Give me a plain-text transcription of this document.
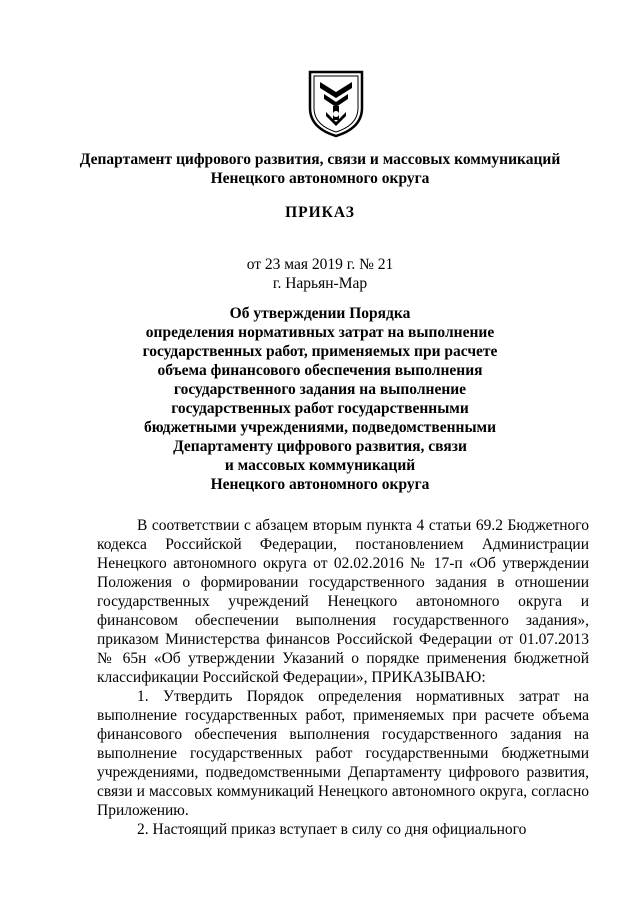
Департамент цифрового развития, связи и массовых коммуникаций
Ненецкого автономного округа
ПРИКАЗ
от 23 мая 2019 г. № 21
г. Нарьян-Мар
Об утверждении Порядка
определения нормативных затрат на выполнение
государственных работ, применяемых при расчете
объема финансового обеспечения выполнения
государственного задания на выполнение
государственных работ государственными
бюджетными учреждениями, подведомственными
Департаменту цифрового развития, связи
и массовых коммуникаций
Ненецкого автономного округа

В соответствии с абзацем вторым пункта 4 статьи 69.2 Бюджетного кодекса Российской Федерации, постановлением Администрации Ненецкого автономного округа от 02.02.2016 № 17-п «Об утверждении Положения о формировании государственного задания в отношении государственных учреждений Ненецкого автономного округа и финансовом обеспечении выполнения государственного задания», приказом Министерства финансов Российской Федерации от 01.07.2013 № 65н «Об утверждении Указаний о порядке применения бюджетной классификации Российской Федерации», ПРИКАЗЫВАЮ:

1. Утвердить Порядок определения нормативных затрат на выполнение государственных работ, применяемых при расчете объема финансового обеспечения выполнения государственного задания на выполнение государственных работ государственными бюджетными учреждениями, подведомственными Департаменту цифрового развития, связи и массовых коммуникаций Ненецкого автономного округа, согласно Приложению.

2. Настоящий приказ вступает в силу со дня официального
